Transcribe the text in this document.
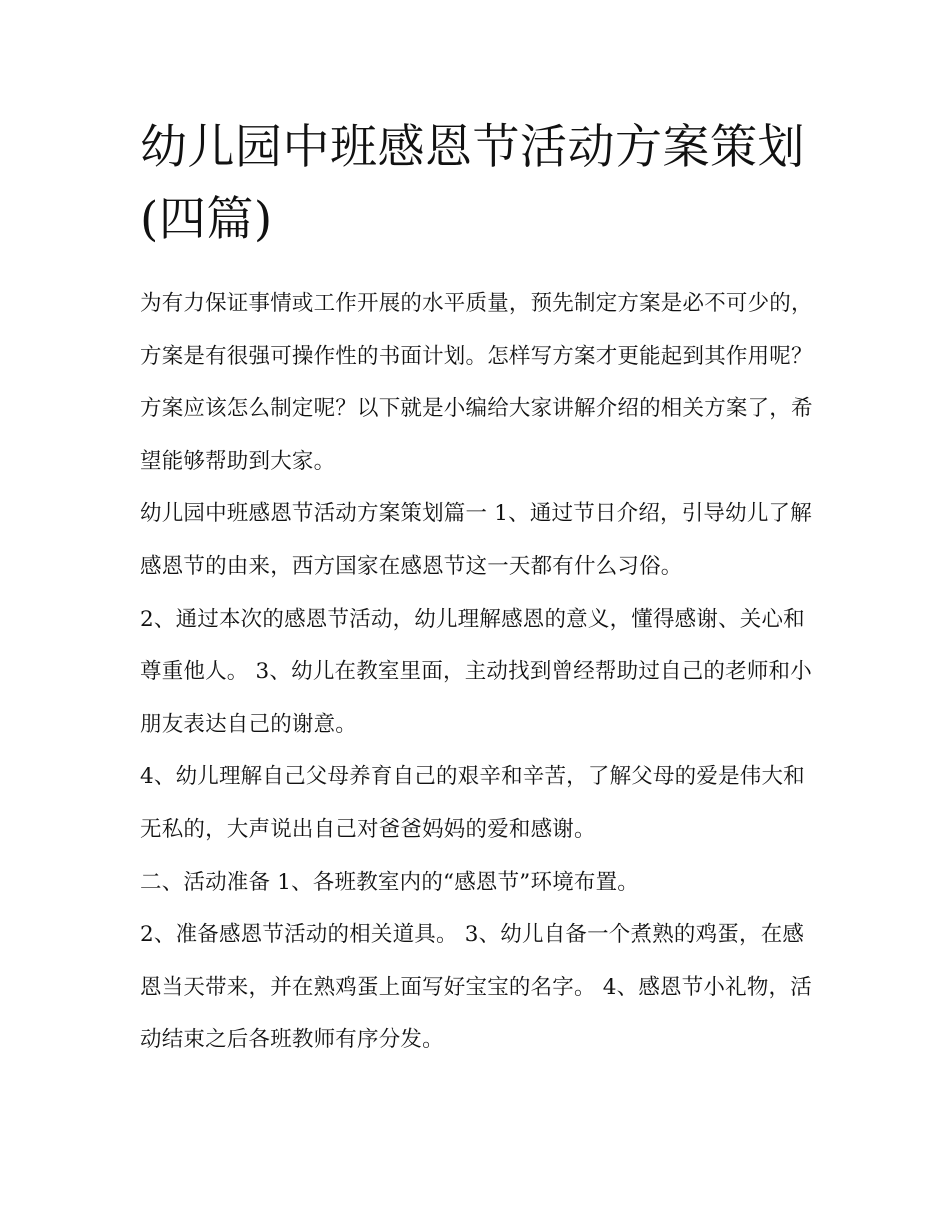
幼儿园中班感恩节活动方案策划(四篇)

为有力保证事情或工作开展的水平质量，预先制定方案是必不可少的，方案是有很强可操作性的书面计划。怎样写方案才更能起到其作用呢？方案应该怎么制定呢？以下就是小编给大家讲解介绍的相关方案了，希望能够帮助到大家。

幼儿园中班感恩节活动方案策划篇一 1、通过节日介绍，引导幼儿了解感恩节的由来，西方国家在感恩节这一天都有什么习俗。

2、通过本次的感恩节活动，幼儿理解感恩的意义，懂得感谢、关心和尊重他人。 3、幼儿在教室里面，主动找到曾经帮助过自己的老师和小朋友表达自己的谢意。

4、幼儿理解自己父母养育自己的艰辛和辛苦，了解父母的爱是伟大和无私的，大声说出自己对爸爸妈妈的爱和感谢。

二、活动准备 1、各班教室内的“感恩节”环境布置。

2、准备感恩节活动的相关道具。 3、幼儿自备一个煮熟的鸡蛋，在感恩当天带来，并在熟鸡蛋上面写好宝宝的名字。 4、感恩节小礼物，活动结束之后各班教师有序分发。
